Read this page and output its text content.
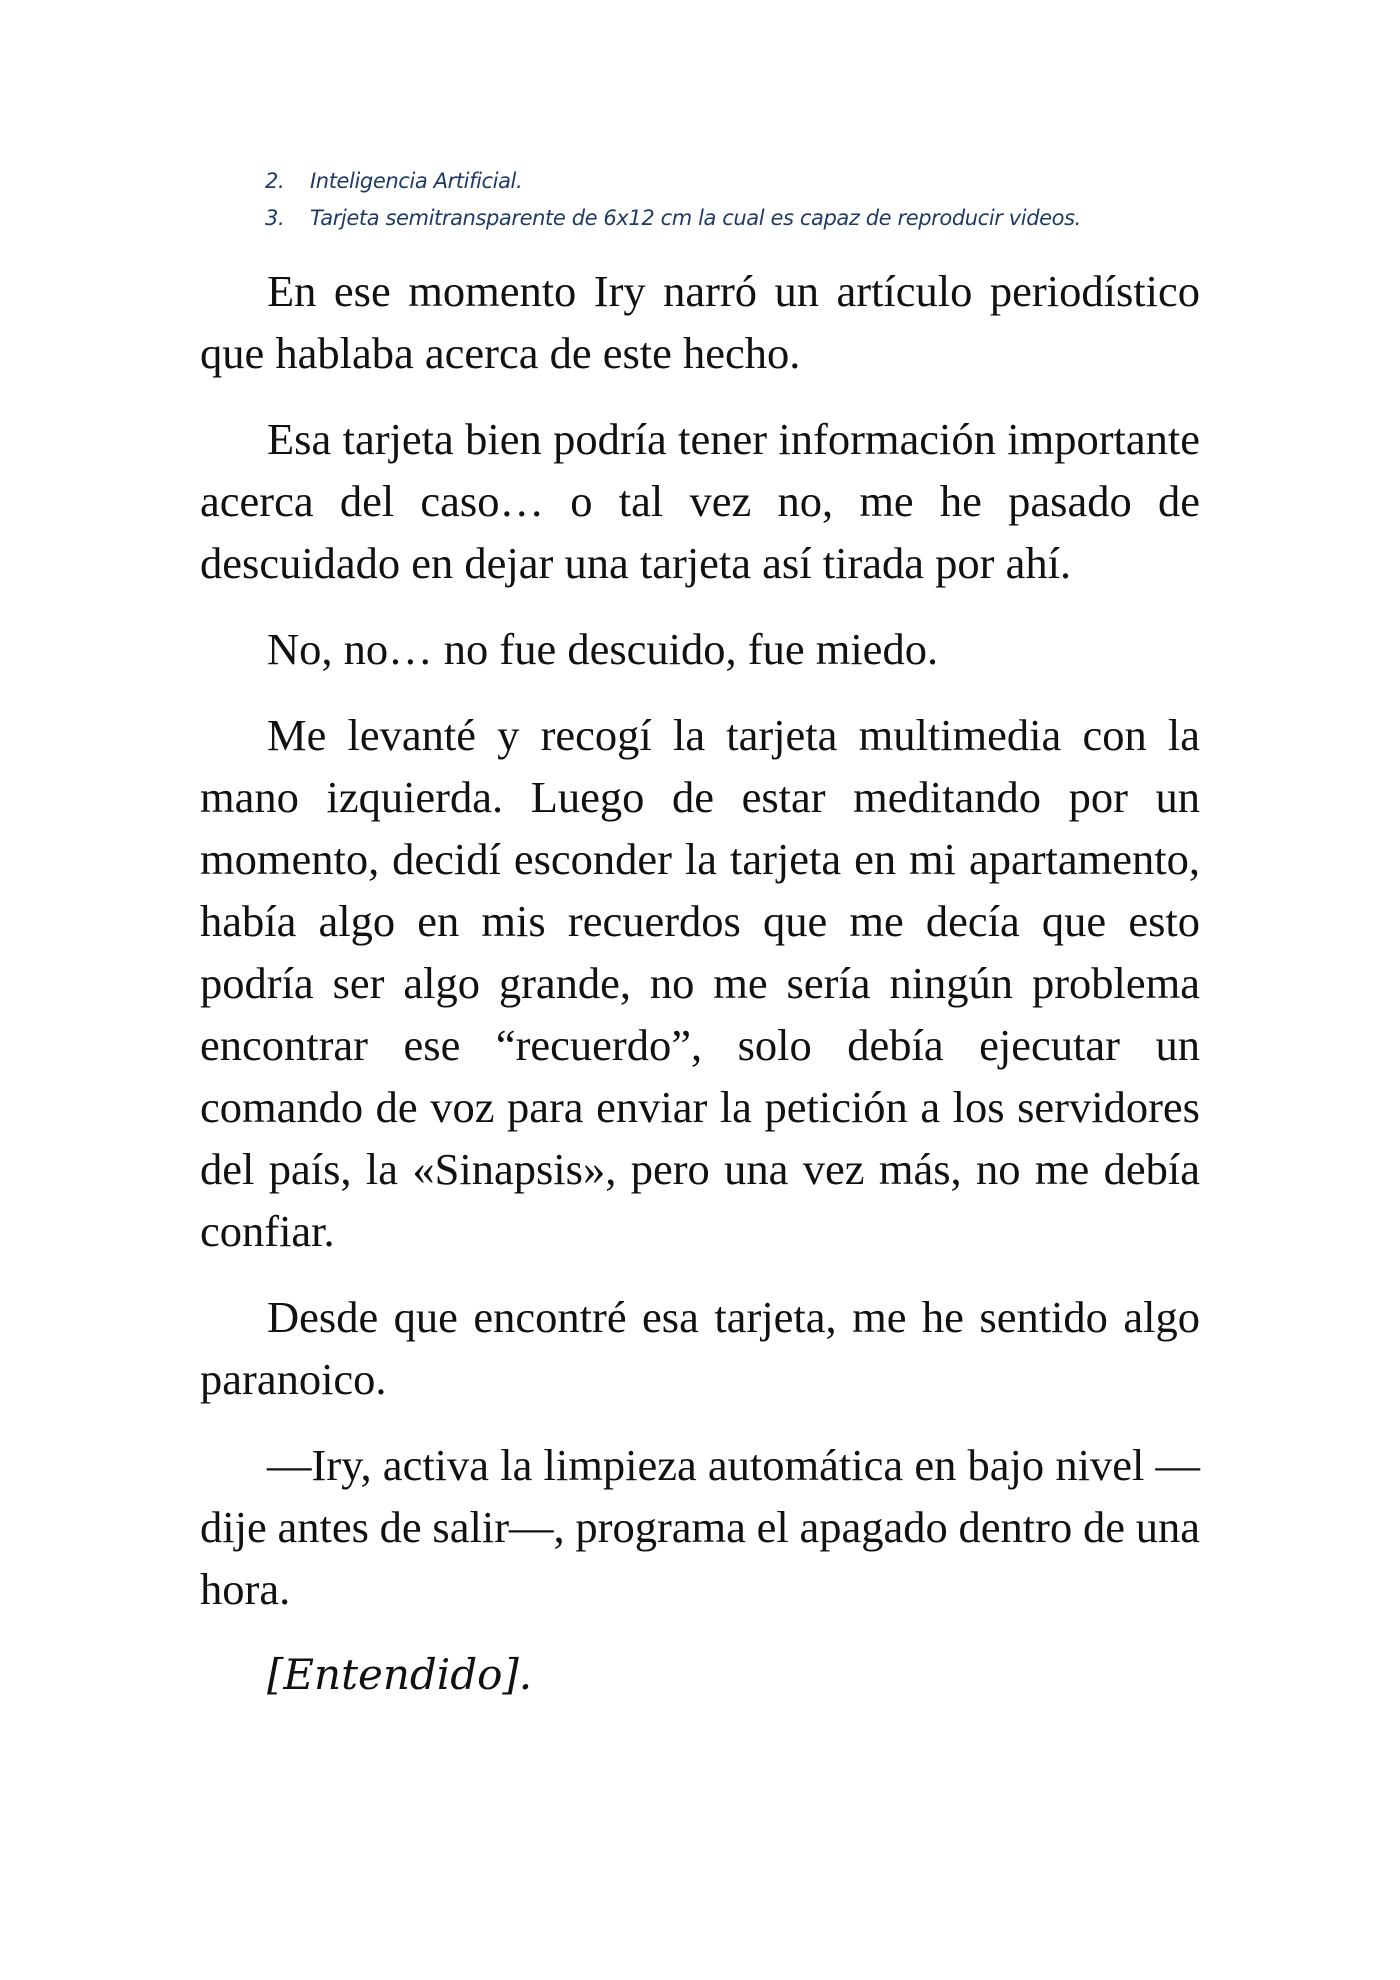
2.	Inteligencia Artificial.
3.	Tarjeta semitransparente de 6x12 cm la cual es capaz de reproducir videos.

En ese momento Iry narró un artículo periodístico que hablaba acerca de este hecho.

Esa tarjeta bien podría tener información importante acerca del caso… o tal vez no, me he pasado de descuidado en dejar una tarjeta así tirada por ahí.

No, no… no fue descuido, fue miedo.

Me levanté y recogí la tarjeta multimedia con la mano izquierda. Luego de estar meditando por un momento, decidí esconder la tarjeta en mi apartamento, había algo en mis recuerdos que me decía que esto podría ser algo grande, no me sería ningún problema encontrar ese “recuerdo”, solo debía ejecutar un comando de voz para enviar la petición a los servidores del país, la «Sinapsis», pero una vez más, no me debía confiar.

Desde que encontré esa tarjeta, me he sentido algo paranoico.

—Iry, activa la limpieza automática en bajo nivel —dije antes de salir—, programa el apagado dentro de una hora.

[Entendido].
